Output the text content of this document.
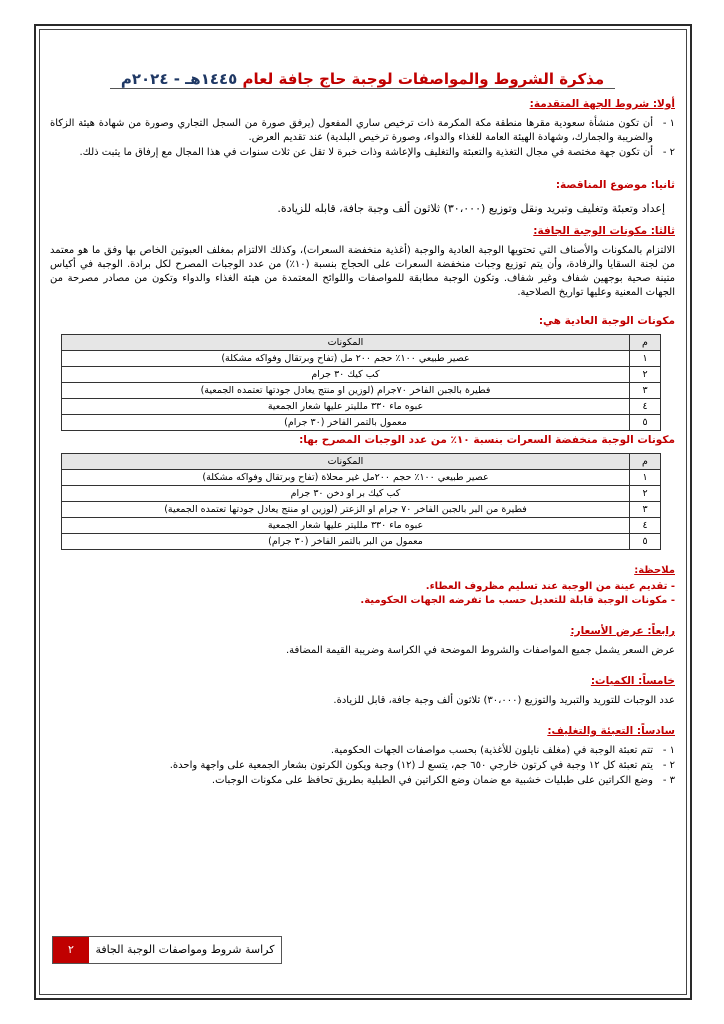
مذكرة الشروط والمواصفات لوجبة حاج جافة لعام ١٤٤٥هـ - ٢٠٢٤م
أولا: شروط الجهة المتقدمة:
١ -
أن تكون منشأة سعودية مقرها منطقة مكة المكرمة ذات ترخيص ساري المفعول (يرفق صورة من السجل التجاري وصورة من شهادة هيئة الزكاة والضريبة والجمارك، وشهادة الهيئة العامة للغذاء والدواء، وصورة ترخيص البلدية) عند تقديم العرض.
٢ -
أن تكون جهة مختصة في مجال التغذية والتعبئة والتغليف والإعاشة وذات خبرة لا تقل عن ثلاث سنوات في هذا المجال مع إرفاق ما يثبت ذلك.
ثانيا: موضوع المناقصة:
إعداد وتعبئة وتغليف وتبريد ونقل وتوزيع (٣٠،٠٠٠) ثلاثون ألف وجبة جافة، قابله للزيادة.
ثالثا: مكونات الوجبة الجافة:
الالتزام بالمكونات والأصناف التي تحتويها الوجبة العادية والوجبة (أغذية منخفضة السعرات)، وكذلك الالتزام بمغلف العبوتين الخاص بها وفق ما هو معتمد من لجنة السقايا والرفادة، وأن يتم توزيع وجبات منخفضة السعرات على الحجاج بنسبة (١٠٪) من عدد الوجبات المصرح لكل برادة. الوجبة في أكياس متينة صحية بوجهين شفاف وغير شفاف. وتكون الوجبة مطابقة للمواصفات واللوائح المعتمدة من هيئة الغذاء والدواء وتكون من مصادر مصرحة من الجهات المعنية وعليها تواريخ الصلاحية.
مكونات الوجبة العادية هي:
م	المكونات
١	عصير طبيعي ١٠٠٪ حجم ٢٠٠ مل (تفاح وبرتقال وفواكه مشكلة)
٢	كب كيك ٣٠ جرام
٣	فطيرة بالجبن الفاخر ٧٠جرام (لوزين او منتج يعادل جودتها تعتمده الجمعية)
٤	عبوه ماء ٣٣٠ ملليتر عليها شعار الجمعية
٥	معمول بالتمر الفاخر (٣٠ جرام)
مكونات الوجبة منخفضة السعرات بنسبة ١٠٪ من عدد الوجبات المصرح بها:
م	المكونات
١	عصير طبيعي ١٠٠٪ حجم ٢٠٠مل غير محلاة (تفاح وبرتقال وفواكه مشكلة)
٢	كب كيك بر او دخن ٣٠ جرام
٣	فطيرة من البر بالجبن الفاخر ٧٠ جرام او الزعتر (لوزين او منتج يعادل جودتها تعتمده الجمعية)
٤	عبوه ماء ٣٣٠ ملليتر عليها شعار الجمعية
٥	معمول من البر بالتمر الفاخر (٣٠ جرام)
ملاحظة:
- تقديم عينة من الوجبة عند تسليم مظروف العطاء.
- مكونات الوجبة قابلة للتعديل حسب ما تفرضه الجهات الحكومية.
رابعاً: عرض الأسعار:
عرض السعر يشمل جميع المواصفات والشروط الموضحة في الكراسة وضريبة القيمة المضافة.
خامساً: الكميات:
عدد الوجبات للتوريد والتبريد والتوزيع (٣٠،٠٠٠) ثلاثون ألف وجبة جافة، قابل للزيادة.
سادساً: التعبئة والتغليف:
١ -
تتم تعبئة الوجبة في (مغلف نايلون للأغذية) بحسب مواصفات الجهات الحكومية.
٢ -
يتم تعبئة كل ١٢ وجبة في كرتون خارجي ٦٥٠ جم، يتسع لـ (١٢) وجبة ويكون الكرتون بشعار الجمعية على واجهة واحدة.
٣ -
وضع الكراتين على طبليات خشبية مع ضمان وضع الكراتين في الطبلية بطريق تحافظ على مكونات الوجبات.
كراسة شروط ومواصفات الوجبة الجافة
٢
